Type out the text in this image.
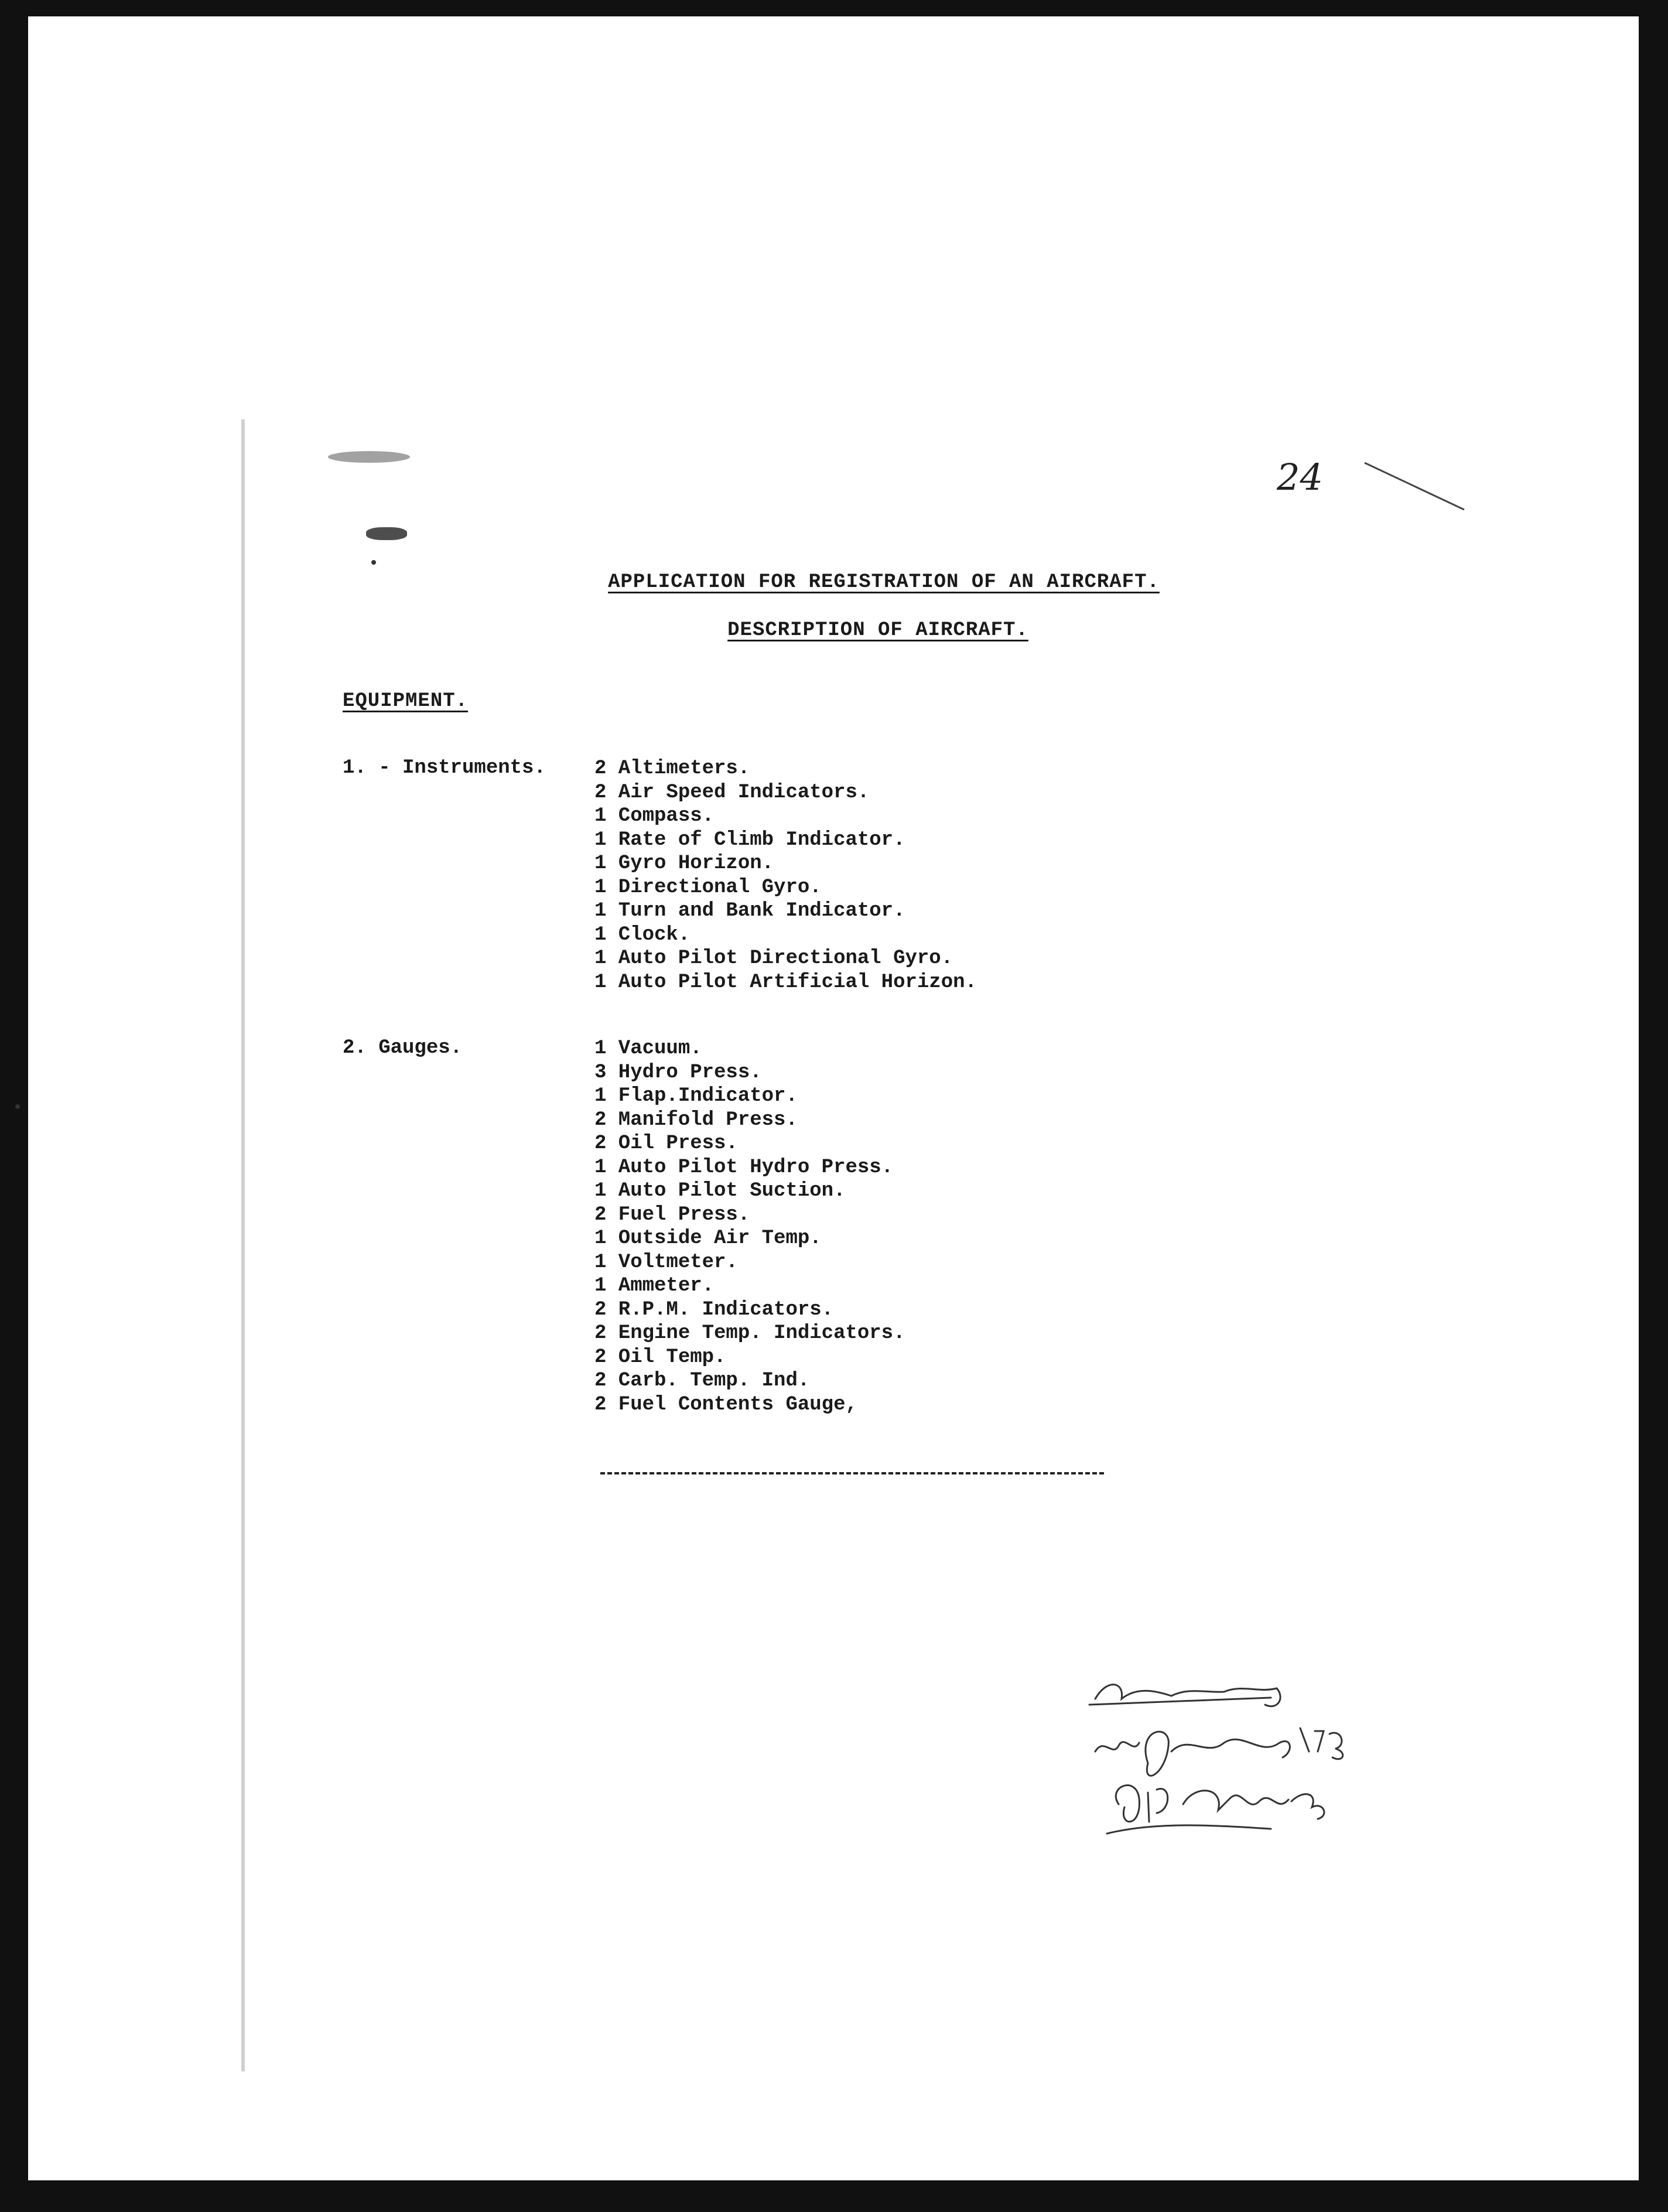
24
APPLICATION FOR REGISTRATION OF AN AIRCRAFT.
DESCRIPTION OF AIRCRAFT.
EQUIPMENT.
1. - Instruments. 2 Altimeters.
2 Air Speed Indicators.
1 Compass.
1 Rate of Climb Indicator.
1 Gyro Horizon.
1 Directional Gyro.
1 Turn and Bank Indicator.
1 Clock.
1 Auto Pilot Directional Gyro.
1 Auto Pilot Artificial Horizon.
2. Gauges.	1 Vacuum.
3 Hydro Press.
1 Flap.Indicator.
2 Manifold Press.
2 Oil Press.
1 Auto Pilot Hydro Press.
1 Auto Pilot Suction.
2 Fuel Press.
1 Outside Air Temp.
1 Voltmeter.
1 Ammeter.
2 R.P.M. Indicators.
2 Engine Temp. Indicators.
2 Oil Temp.
2 Carb. Temp. Ind.
2 Fuel Contents Gauge,
